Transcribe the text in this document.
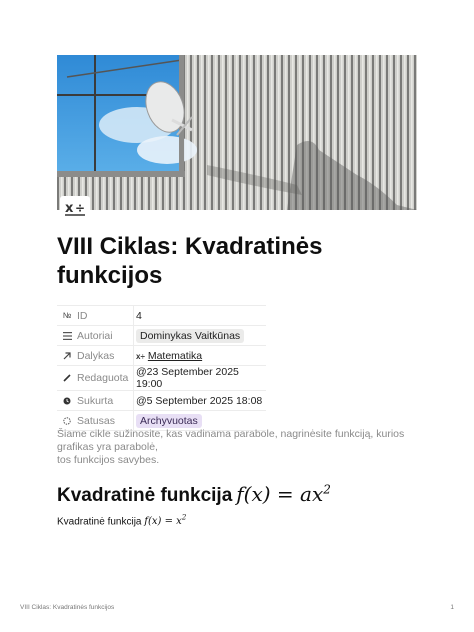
x ÷
VIII Ciklas: Kvadratinės funkcijos
№ ID	4

Autoriai	Dominykas Vaitkūnas

Dalykas	x÷ Matematika

Redaguota	@23 September 2025 19:00

Sukurta	@5 September 2025 18:08

Satusas	Archyvuotas

Šiame cikle sužinosite, kas vadinama parabole, nagrinėsite funkciją, kurios grafikas yra parabolė,
tos funkcijos savybes.

Kvadratinė funkcija $f(x) = ax^2$

Kvadratinė funkcija $f(x) = x^2$

VIII Ciklas: Kvadratinės funkcijos	1
